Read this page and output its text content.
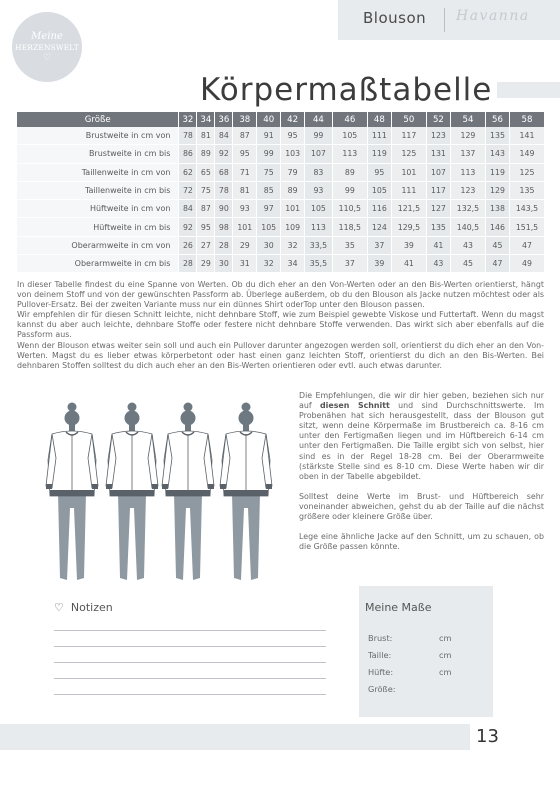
Meine
HERZENSWELT
♡
Blouson Havanna
Körpermaßtabelle
Größe	32	34	36	38	40	42	44	46	48	50	52	54	56	58
Brustweite in cm von	78	81	84	87	91	95	99	105	111	117	123	129	135	141
Brustweite in cm bis	86	89	92	95	99	103	107	113	119	125	131	137	143	149
Taillenweite in cm von	62	65	68	71	75	79	83	89	95	101	107	113	119	125
Taillenweite in cm bis	72	75	78	81	85	89	93	99	105	111	117	123	129	135
Hüftweite in cm von	84	87	90	93	97	101	105	110,5	116	121,5	127	132,5	138	143,5
Hüftweite in cm bis	92	95	98	101	105	109	113	118,5	124	129,5	135	140,5	146	151,5
Oberarmweite in cm von	26	27	28	29	30	32	33,5	35	37	39	41	43	45	47
Oberarmweite in cm bis	28	29	30	31	32	34	35,5	37	39	41	43	45	47	49

In dieser Tabelle findest du eine Spanne von Werten. Ob du dich eher an den Von-Werten oder an den Bis-Werten orientierst, hängt von deinem Stoff und von der gewünschten Passform ab. Überlege außerdem, ob du den Blouson als Jacke nutzen möchtest oder als Pullover-Ersatz. Bei der zweiten Variante muss nur ein dünnes Shirt oderTop unter den Blouson passen.

Wir empfehlen dir für diesen Schnitt leichte, nicht dehnbare Stoff, wie zum Beispiel gewebte Viskose und Futtertaft. Wenn du magst kannst du aber auch leichte, dehnbare Stoffe oder festere nicht dehnbare Stoffe verwenden. Das wirkt sich aber ebenfalls auf die Passform aus.

Wenn der Blouson etwas weiter sein soll und auch ein Pullover darunter angezogen werden soll, orientierst du dich eher an den Von-Werten. Magst du es lieber etwas körperbetont oder hast einen ganz leichten Stoff, orientierst du dich an den Bis-Werten. Bei dehnbaren Stoffen solltest du dich auch eher an den Bis-Werten orientieren oder evtl. auch etwas darunter.

Die Empfehlungen, die wir dir hier geben, beziehen sich nur auf diesen Schnitt und sind Durchschnittswerte. Im Probenähen hat sich herausgestellt, dass der Blouson gut sitzt, wenn deine Körpermaße im Brustbereich ca. 8-16 cm unter den Fertigmaßen liegen und im Hüftbereich 6-14 cm unter den Fertigmaßen. Die Taille ergibt sich von selbst, hier sind es in der Regel 18-28 cm. Bei der Oberarmweite (stärkste Stelle sind es 8-10 cm. Diese Werte haben wir dir oben in der Tabelle abgebildet.

Solltest deine Werte im Brust- und Hüftbereich sehr voneinander abweichen, gehst du ab der Taille auf die nächst größere oder kleinere Größe über.

Lege eine ähnliche Jacke auf den Schnitt, um zu schauen, ob die Größe passen könnte.

♡ Notizen	Meine Maße
Brust:	cm
Taille:	cm
Hüfte:	cm
Größe:
13
